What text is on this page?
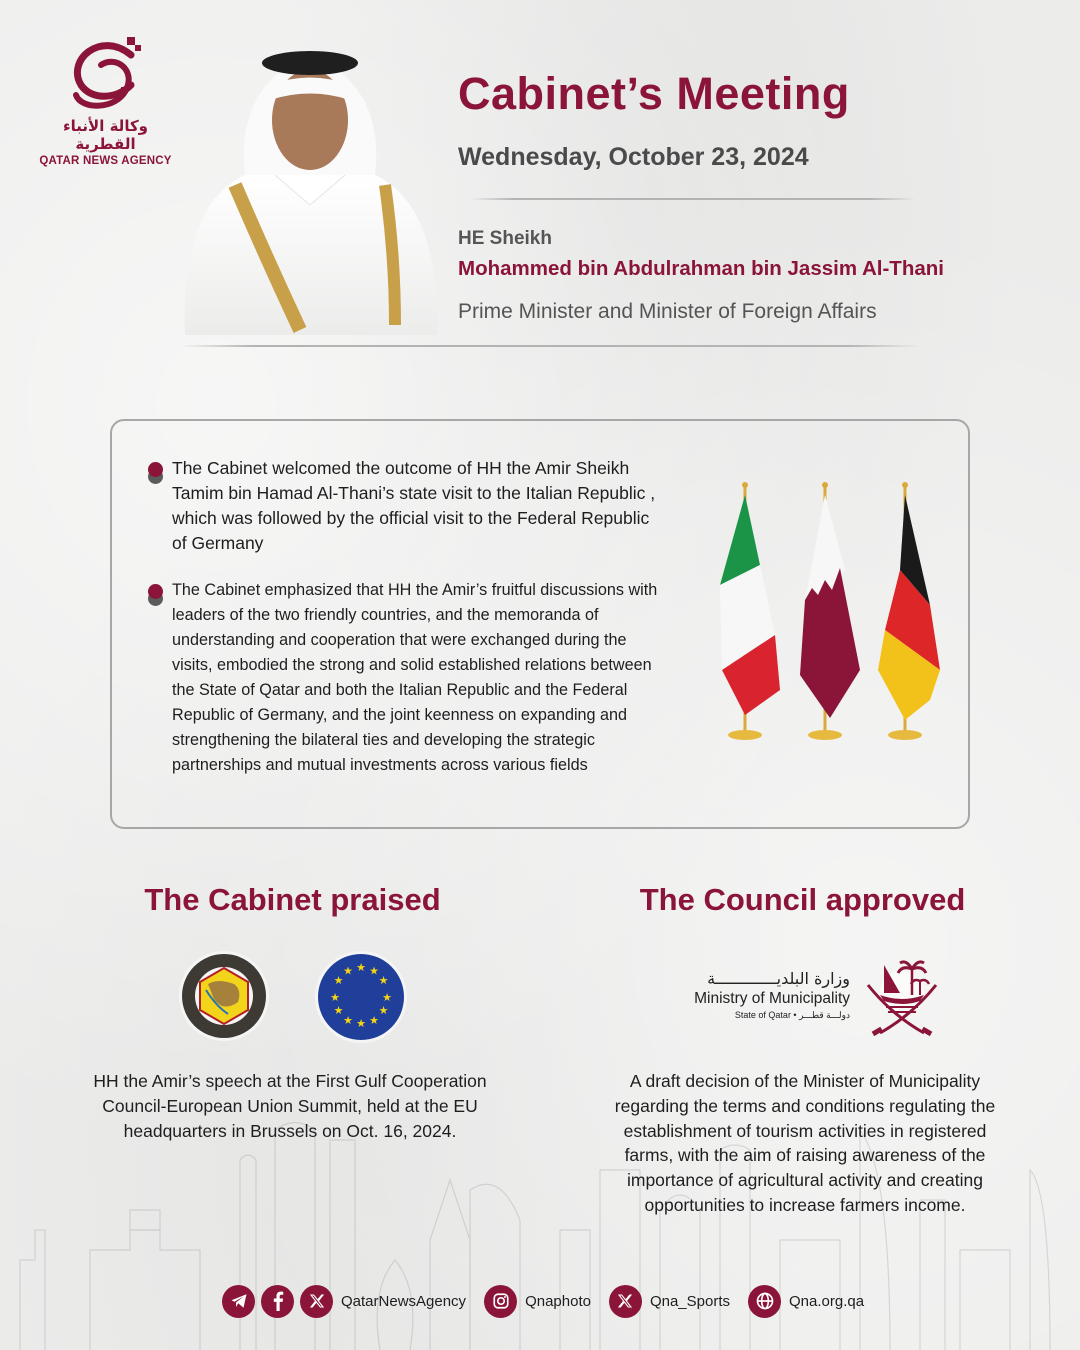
وكالة الأنباء القطرية
QATAR NEWS AGENCY
Cabinet’s Meeting
Wednesday, October 23, 2024
HE Sheikh
Mohammed bin Abdulrahman bin Jassim Al-Thani
Prime Minister and Minister of Foreign Affairs

The Cabinet welcomed the outcome of HH the Amir Sheikh Tamim bin Hamad Al-Thani’s state visit to the Italian Republic , which was followed by the official visit to the Federal Republic of Germany

The Cabinet emphasized that HH the Amir’s fruitful discussions with leaders of the two friendly countries, and the memoranda of understanding and cooperation that were exchanged during the visits, embodied the strong and solid established relations between the State of Qatar and both the Italian Republic and the Federal Republic of Germany, and the joint keenness on expanding and strengthening the bilateral ties and developing the strategic partnerships and mutual investments across various fields

The Cabinet praised
★ ★
★
★
★
★
★
★
★
★
★
★
HH the Amir’s speech at the First Gulf Cooperation Council-European Union Summit, held at the EU headquarters in Brussels on Oct. 16, 2024.
The Council approved
وزارة البلديـــــــــــــة
Ministry of Municipality
State of Qatar • دولـــة قطـــر
A draft decision of the Minister of Municipality regarding the terms and conditions regulating the establishment of tourism activities in registered farms, with the aim of raising awareness of the importance of agricultural activity and creating opportunities to increase farmers income.
QatarNewsAgency	Qnaphoto	Qna_Sports	Qna.org.qa
